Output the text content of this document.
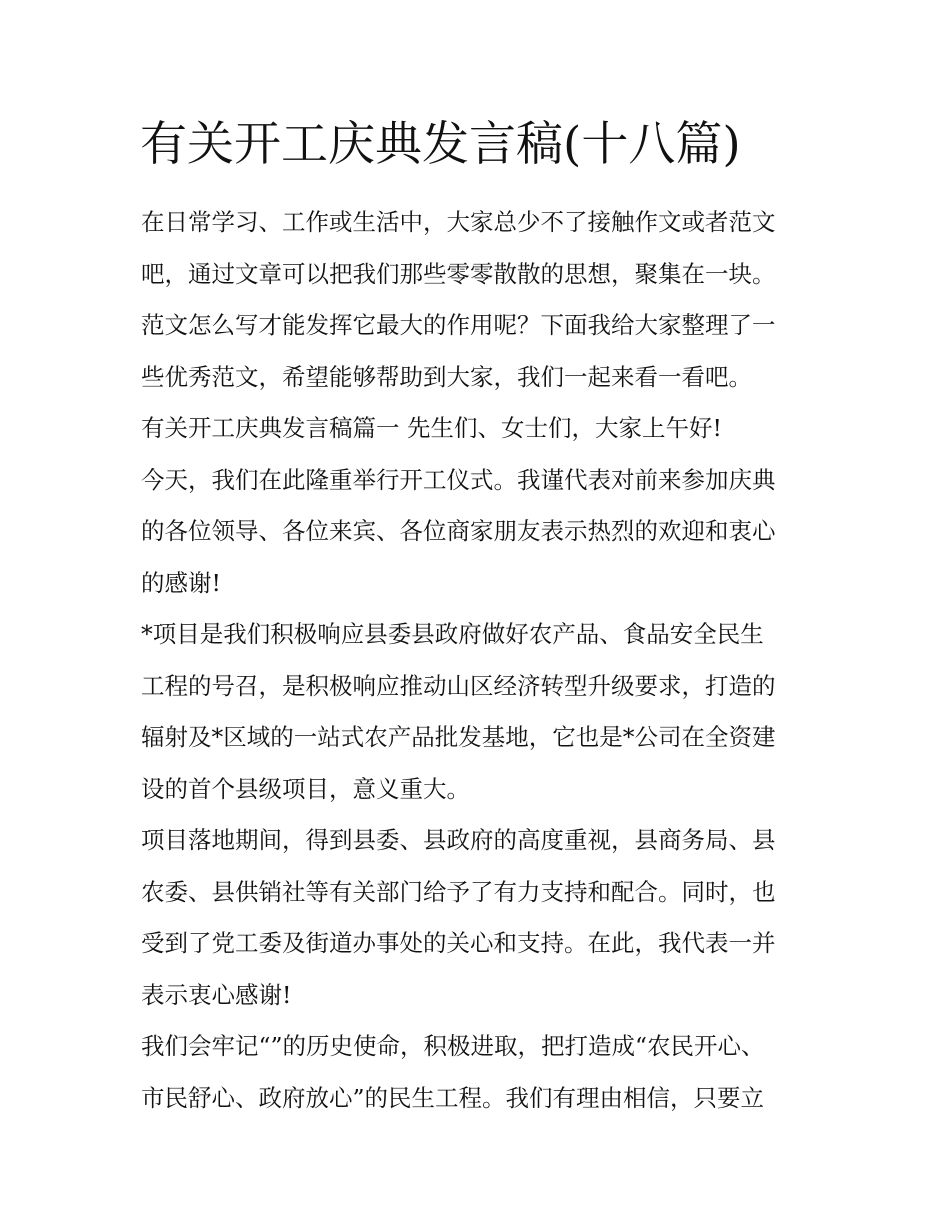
有关开工庆典发言稿(十八篇)
在日常学习、工作或生活中，大家总少不了接触作文或者范文
吧，通过文章可以把我们那些零零散散的思想，聚集在一块。
范文怎么写才能发挥它最大的作用呢？下面我给大家整理了一
些优秀范文，希望能够帮助到大家，我们一起来看一看吧。
有关开工庆典发言稿篇一 先生们、女士们，大家上午好!
今天，我们在此隆重举行开工仪式。我谨代表对前来参加庆典
的各位领导、各位来宾、各位商家朋友表示热烈的欢迎和衷心
的感谢!
*项目是我们积极响应县委县政府做好农产品、食品安全民生
工程的号召，是积极响应推动山区经济转型升级要求，打造的
辐射及*区域的一站式农产品批发基地，它也是*公司在全资建
设的首个县级项目，意义重大。
项目落地期间，得到县委、县政府的高度重视，县商务局、县
农委、县供销社等有关部门给予了有力支持和配合。同时，也
受到了党工委及街道办事处的关心和支持。在此，我代表一并
表示衷心感谢!
我们会牢记“”的历史使命，积极进取，把打造成“农民开心、
市民舒心、政府放心”的民生工程。我们有理由相信，只要立
